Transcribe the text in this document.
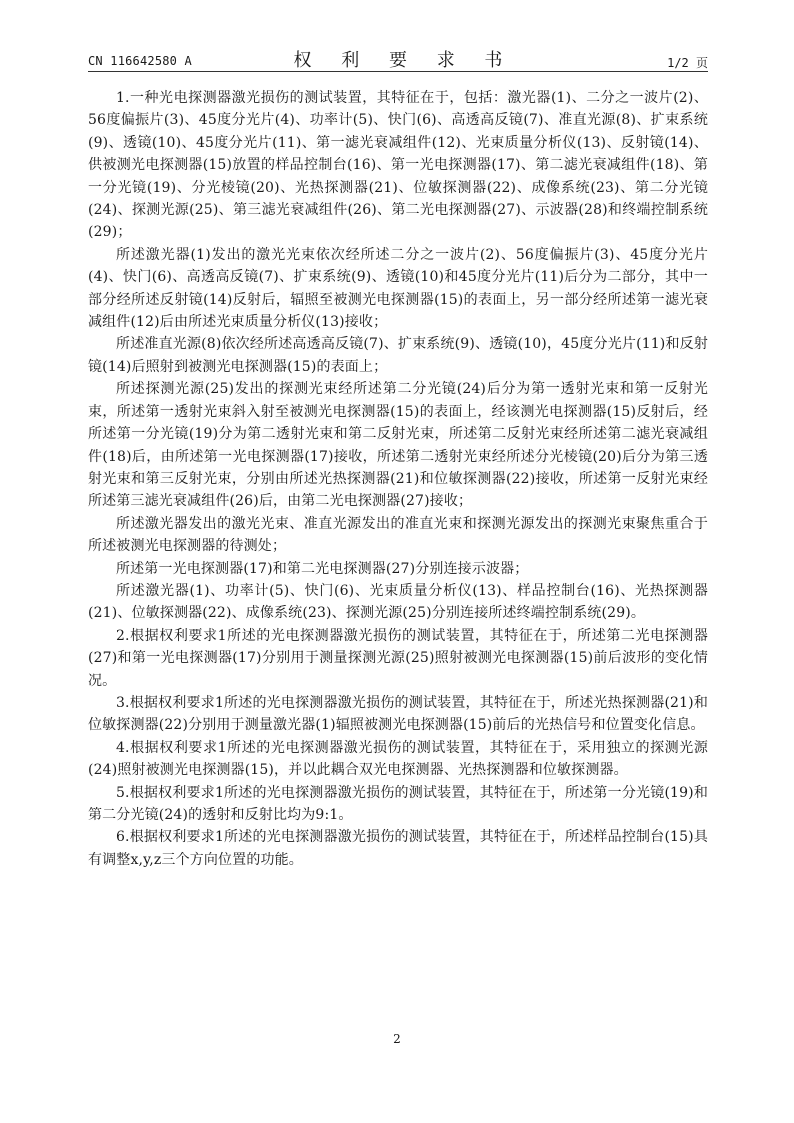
CN 116642580 A	权 利 要 求 书	1/2 页

1.一种光电探测器激光损伤的测试装置，其特征在于，包括：激光器(1)、二分之一波片(2)、56度偏振片(3)、45度分光片(4)、功率计(5)、快门(6)、高透高反镜(7)、准直光源(8)、扩束系统(9)、透镜(10)、45度分光片(11)、第一滤光衰减组件(12)、光束质量分析仪(13)、反射镜(14)、供被测光电探测器(15)放置的样品控制台(16)、第一光电探测器(17)、第二滤光衰减组件(18)、第一分光镜(19)、分光棱镜(20)、光热探测器(21)、位敏探测器(22)、成像系统(23)、第二分光镜(24)、探测光源(25)、第三滤光衰减组件(26)、第二光电探测器(27)、示波器(28)和终端控制系统(29)；

所述激光器(1)发出的激光光束依次经所述二分之一波片(2)、56度偏振片(3)、45度分光片(4)、快门(6)、高透高反镜(7)、扩束系统(9)、透镜(10)和45度分光片(11)后分为二部分，其中一部分经所述反射镜(14)反射后，辐照至被测光电探测器(15)的表面上，另一部分经所述第一滤光衰减组件(12)后由所述光束质量分析仪(13)接收；

所述准直光源(8)依次经所述高透高反镜(7)、扩束系统(9)、透镜(10)，45度分光片(11)和反射镜(14)后照射到被测光电探测器(15)的表面上；

所述探测光源(25)发出的探测光束经所述第二分光镜(24)后分为第一透射光束和第一反射光束，所述第一透射光束斜入射至被测光电探测器(15)的表面上，经该测光电探测器(15)反射后，经所述第一分光镜(19)分为第二透射光束和第二反射光束，所述第二反射光束经所述第二滤光衰减组件(18)后，由所述第一光电探测器(17)接收，所述第二透射光束经所述分光棱镜(20)后分为第三透射光束和第三反射光束，分别由所述光热探测器(21)和位敏探测器(22)接收，所述第一反射光束经所述第三滤光衰减组件(26)后，由第二光电探测器(27)接收；

所述激光器发出的激光光束、准直光源发出的准直光束和探测光源发出的探测光束聚焦重合于所述被测光电探测器的待测处；

所述第一光电探测器(17)和第二光电探测器(27)分别连接示波器；

所述激光器(1)、功率计(5)、快门(6)、光束质量分析仪(13)、样品控制台(16)、光热探测器(21)、位敏探测器(22)、成像系统(23)、探测光源(25)分别连接所述终端控制系统(29)。

2.根据权利要求1所述的光电探测器激光损伤的测试装置，其特征在于，所述第二光电探测器(27)和第一光电探测器(17)分别用于测量探测光源(25)照射被测光电探测器(15)前后波形的变化情况。

3.根据权利要求1所述的光电探测器激光损伤的测试装置，其特征在于，所述光热探测器(21)和位敏探测器(22)分别用于测量激光器(1)辐照被测光电探测器(15)前后的光热信号和位置变化信息。

4.根据权利要求1所述的光电探测器激光损伤的测试装置，其特征在于，采用独立的探测光源(24)照射被测光电探测器(15)，并以此耦合双光电探测器、光热探测器和位敏探测器。

5.根据权利要求1所述的光电探测器激光损伤的测试装置，其特征在于，所述第一分光镜(19)和第二分光镜(24)的透射和反射比均为9:1。

6.根据权利要求1所述的光电探测器激光损伤的测试装置，其特征在于，所述样品控制台(15)具有调整x,y,z三个方向位置的功能。

2
